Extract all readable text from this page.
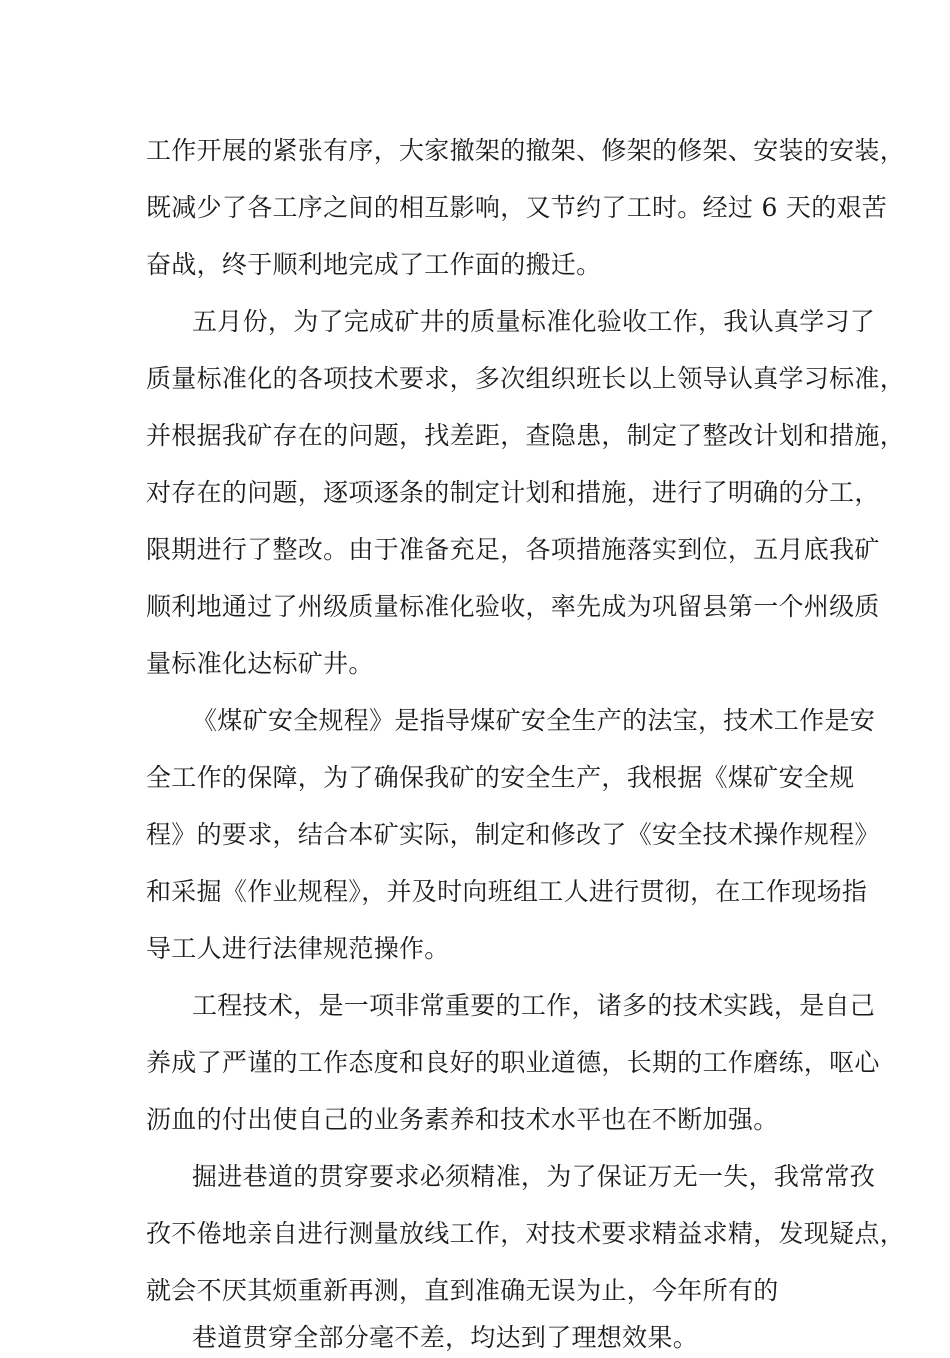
工作开展的紧张有序，大家撤架的撤架、修架的修架、安装的安装，
既减少了各工序之间的相互影响，又节约了工时。经过 6 天的艰苦
奋战，终于顺利地完成了工作面的搬迁。
五月份，为了完成矿井的质量标准化验收工作，我认真学习了
质量标准化的各项技术要求，多次组织班长以上领导认真学习标准，
并根据我矿存在的问题，找差距，查隐患，制定了整改计划和措施，
对存在的问题，逐项逐条的制定计划和措施，进行了明确的分工，
限期进行了整改。由于准备充足，各项措施落实到位，五月底我矿
顺利地通过了州级质量标准化验收，率先成为巩留县第一个州级质
量标准化达标矿井。
《煤矿安全规程》是指导煤矿安全生产的法宝，技术工作是安
全工作的保障，为了确保我矿的安全生产，我根据《煤矿安全规
程》的要求，结合本矿实际，制定和修改了《安全技术操作规程》
和采掘《作业规程》，并及时向班组工人进行贯彻，在工作现场指
导工人进行法律规范操作。
工程技术，是一项非常重要的工作，诸多的技术实践，是自己
养成了严谨的工作态度和良好的职业道德，长期的工作磨练，呕心
沥血的付出使自己的业务素养和技术水平也在不断加强。
掘进巷道的贯穿要求必须精准，为了保证万无一失，我常常孜
孜不倦地亲自进行测量放线工作，对技术要求精益求精，发现疑点，
就会不厌其烦重新再测，直到准确无误为止，今年所有的
巷道贯穿全部分毫不差，均达到了理想效果。
